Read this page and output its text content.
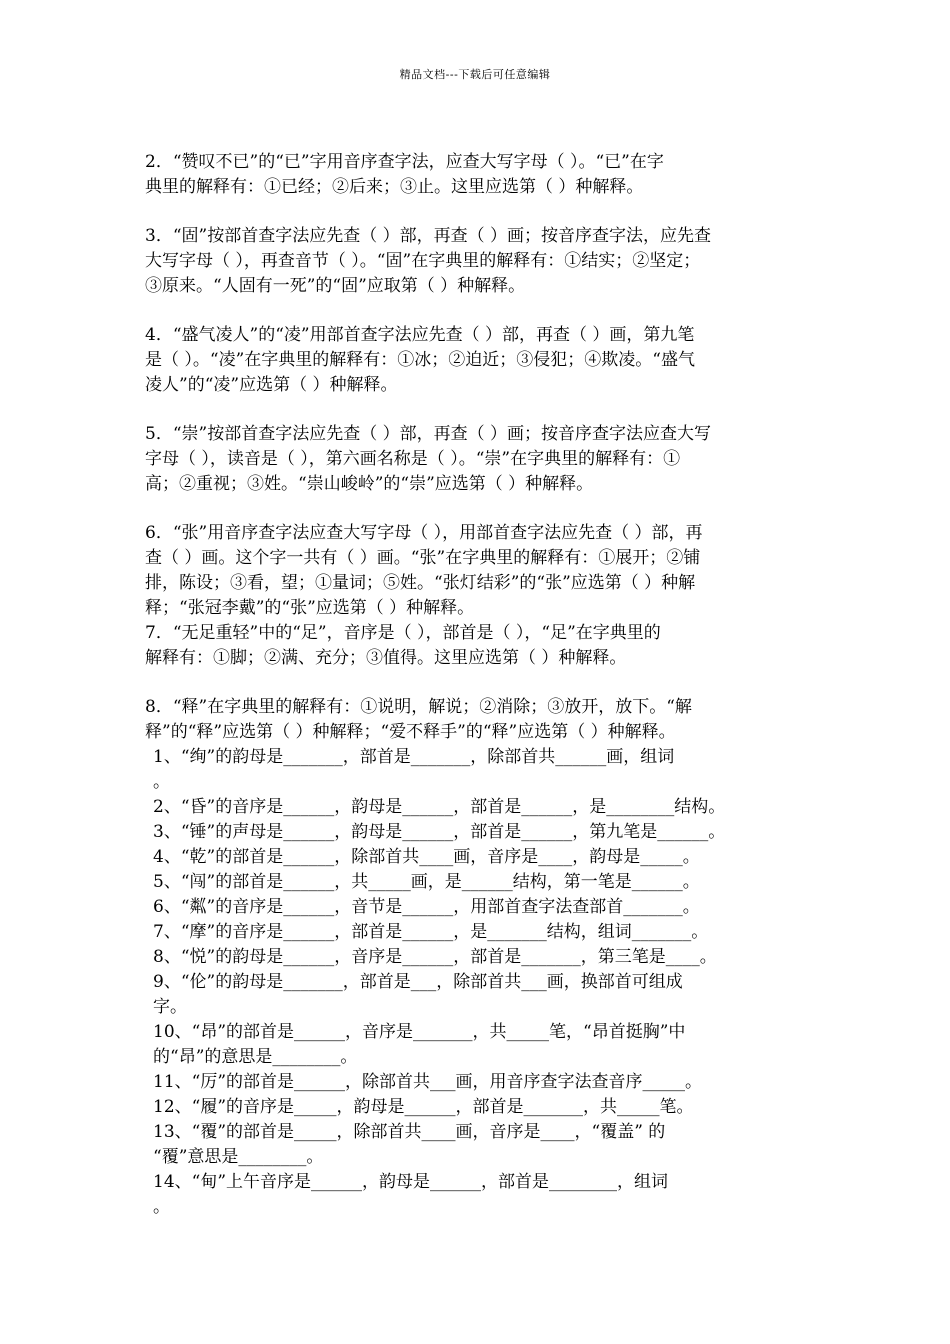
精品文档---下载后可任意编辑

2．“赞叹不已”的“已”字用音序查字法，应查大写字母（ ）。“已”在字

典里的解释有：①已经；②后来；③止。这里应选第（ ）种解释。

3．“固”按部首查字法应先查（ ）部，再查（ ）画；按音序查字法，应先查

大写字母（ ），再查音节（ ）。“固”在字典里的解释有：①结实；②坚定；

③原来。“人固有一死”的“固”应取第（ ）种解释。

4．“盛气凌人”的“凌”用部首查字法应先查（ ）部，再查（ ）画，第九笔

是（ ）。“凌”在字典里的解释有：①冰；②迫近；③侵犯；④欺凌。“盛气

凌人”的“凌”应选第（ ）种解释。

5．“崇”按部首查字法应先查（ ）部，再查（ ）画；按音序查字法应查大写

字母（ ），读音是（ ），第六画名称是（ ）。“崇”在字典里的解释有：①

高；②重视；③姓。“崇山峻岭”的“崇”应选第（ ）种解释。

6．“张”用音序查字法应查大写字母（ ），用部首查字法应先查（ ）部，再

查（ ）画。这个字一共有（ ）画。“张”在字典里的解释有：①展开；②铺

排，陈设；③看，望；①量词；⑤姓。“张灯结彩”的“张”应选第（ ）种解

释；“张冠李戴”的“张”应选第（ ）种解释。

7．“无足重轻”中的“足”，音序是（ ），部首是（ ），“足”在字典里的

解释有：①脚；②满、充分；③值得。这里应选第（ ）种解释。

8．“释”在字典里的解释有：①说明，解说；②消除；③放开，放下。“解

释”的“释”应选第（ ）种解释；“爱不释手”的“释”应选第（ ）种解释。

1、“绚”的韵母是_______，部首是_______，除部首共______画，组词

。

2、“昏”的音序是______，韵母是______，部首是______，是________结构。

3、“锤”的声母是______，韵母是______，部首是______，第九笔是______。

4、“乾”的部首是______，除部首共____画，音序是____，韵母是_____。

5、“闯”的部首是______，共_____画，是______结构，第一笔是______。

6、“粼”的音序是______，音节是______，用部首查字法查部首_______。

7、“摩”的音序是______，部首是______，是_______结构，组词_______。

8、“悦”的韵母是______，音序是______，部首是_______，第三笔是____。

9、“伦”的韵母是_______，部首是___，除部首共___画，换部首可组成

字。

10、“昂”的部首是______，音序是_______，共_____笔，“昂首挺胸”中

的“昂”的意思是________。

11、“厉”的部首是______，除部首共___画，用音序查字法查音序_____。

12、“履”的音序是_____，韵母是______，部首是_______，共_____笔。

13、“覆”的部首是_____，除部首共____画，音序是____，“覆盖” 的

“覆”意思是________。

14、“甸”上午音序是______，韵母是______，部首是________，组词

。
